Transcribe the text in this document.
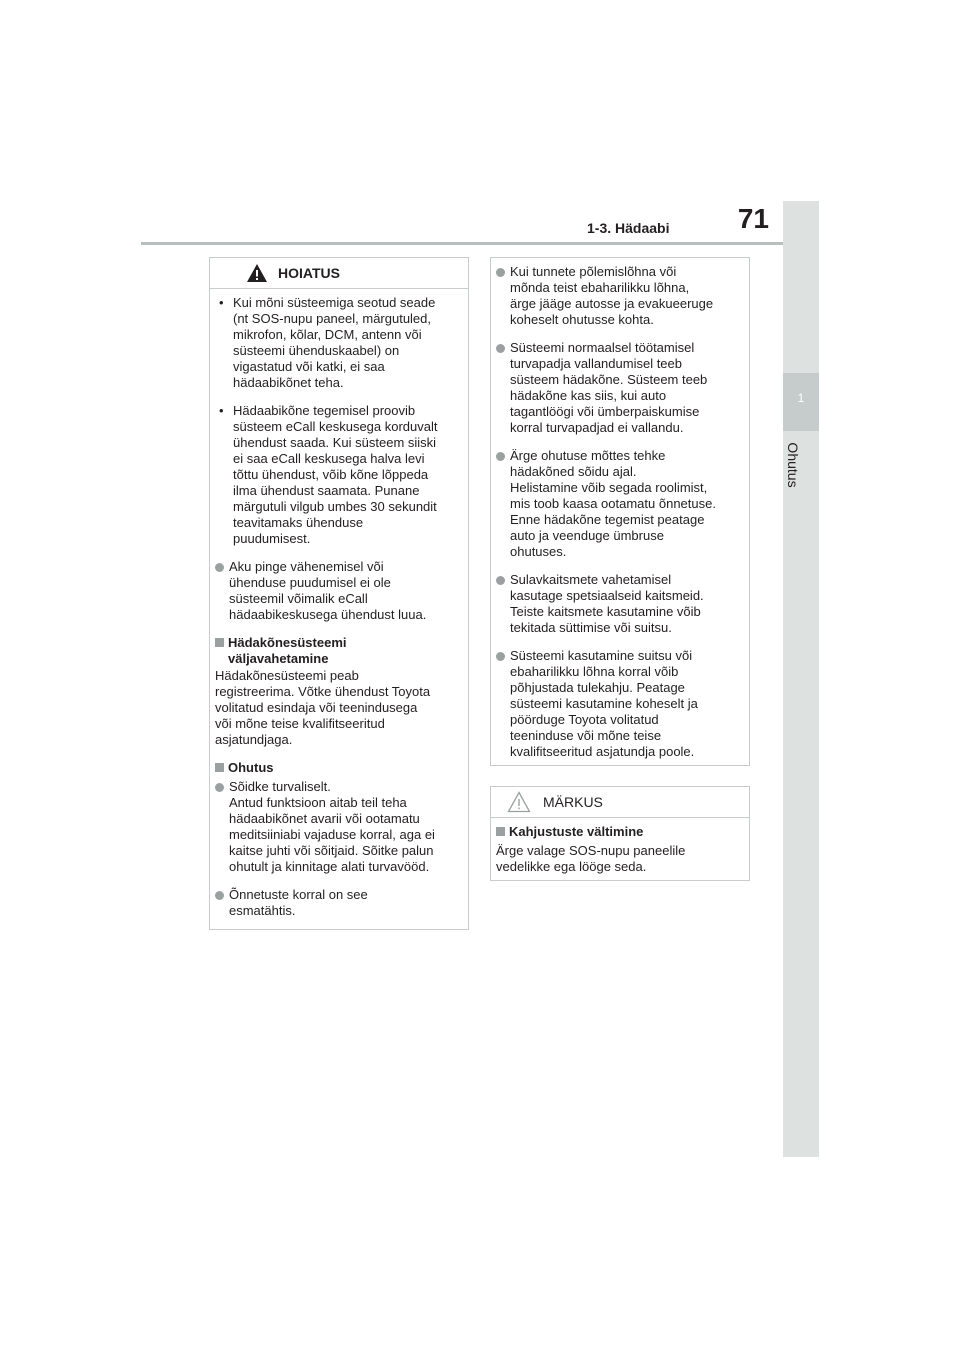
1
Ohutus
1-3. Hädaabi 71
HOIATUS
• Kui mõni süsteemiga seotud seade
(nt SOS-nupu paneel, märgutuled,
mikrofon, kõlar, DCM, antenn või
süsteemi ühenduskaabel) on
vigastatud või katki, ei saa
hädaabikõnet teha.
• Hädaabikõne tegemisel proovib
süsteem eCall keskusega korduvalt
ühendust saada. Kui süsteem siiski
ei saa eCall keskusega halva levi
tõttu ühendust, võib kõne lõppeda
ilma ühendust saamata. Punane
märgutuli vilgub umbes 30 sekundit
teavitamaks ühenduse
puudumisest.
Aku pinge vähenemisel või
ühenduse puudumisel ei ole
süsteemil võimalik eCall
hädaabikeskusega ühendust luua.
Hädakõnesüsteemi
väljavahetamine
Hädakõnesüsteemi peab
registreerima. Võtke ühendust Toyota
volitatud esindaja või teenindusega
või mõne teise kvalifitseeritud
asjatundjaga.
Ohutus
Sõidke turvaliselt.
Antud funktsioon aitab teil teha
hädaabikõnet avarii või ootamatu
meditsiiniabi vajaduse korral, aga ei
kaitse juhti või sõitjaid. Sõitke palun
ohutult ja kinnitage alati turvavööd.
Õnnetuste korral on see
esmatähtis.
Kui tunnete põlemislõhna või
mõnda teist ebaharilikku lõhna,
ärge jääge autosse ja evakueeruge
koheselt ohutusse kohta.
Süsteemi normaalsel töötamisel
turvapadja vallandumisel teeb
süsteem hädakõne. Süsteem teeb
hädakõne kas siis, kui auto
tagantlöögi või ümberpaiskumise
korral turvapadjad ei vallandu.
Ärge ohutuse mõttes tehke
hädakõned sõidu ajal.
Helistamine võib segada roolimist,
mis toob kaasa ootamatu õnnetuse.
Enne hädakõne tegemist peatage
auto ja veenduge ümbruse
ohutuses.
Sulavkaitsmete vahetamisel
kasutage spetsiaalseid kaitsmeid.
Teiste kaitsmete kasutamine võib
tekitada süttimise või suitsu.
Süsteemi kasutamine suitsu või
ebaharilikku lõhna korral võib
põhjustada tulekahju. Peatage
süsteemi kasutamine koheselt ja
pöörduge Toyota volitatud
teeninduse või mõne teise
kvalifitseeritud asjatundja poole.
MÄRKUS
Kahjustuste vältimine
Ärge valage SOS-nupu paneelile
vedelikke ega lööge seda.
